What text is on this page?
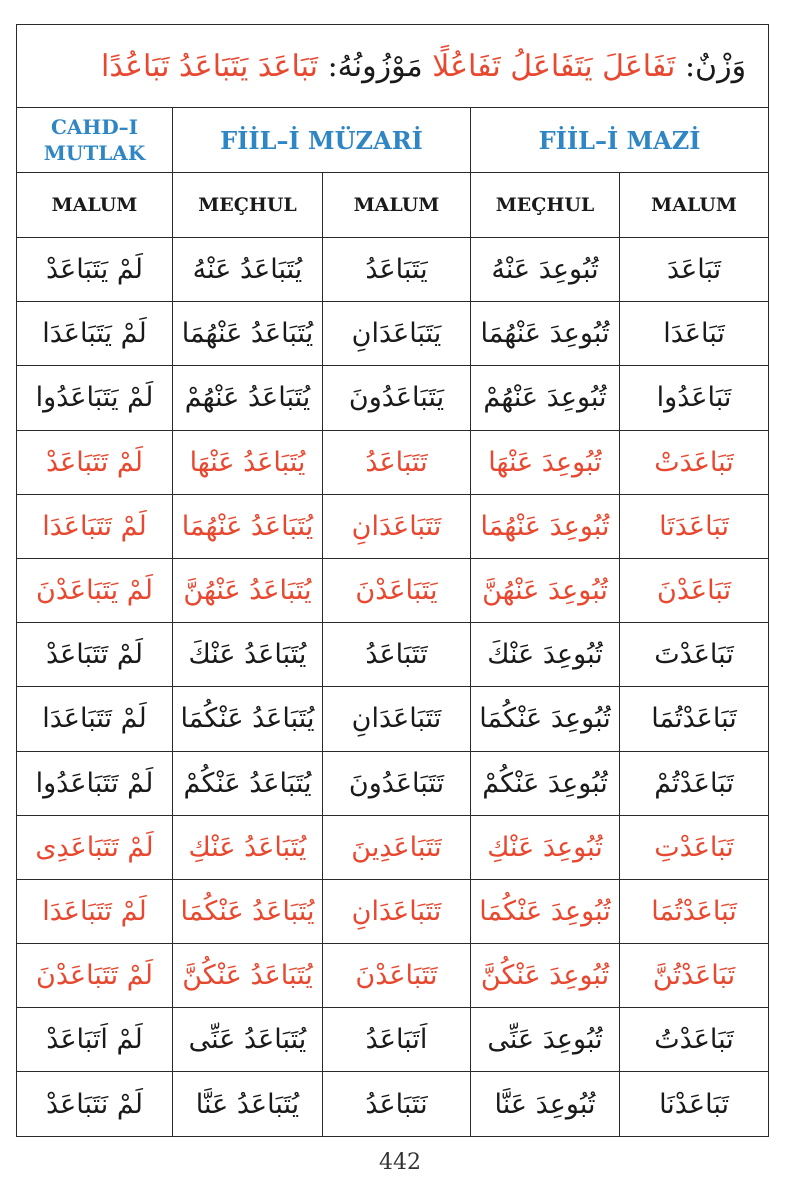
وَزْنٌ: تَفَاعَلَ يَتَفَاعَلُ تَفَاعُلًا مَوْزُونُهُ: تَبَاعَدَ يَتَبَاعَدُ تَبَاعُدًا				

CAHD–I
MUTLAK	FİİL–İ MÜZARİ		FİİL–İ MAZİ	
MALUM	MEÇHUL	MALUM	MEÇHUL	MALUM
لَمْ يَتَبَاعَدْ	يُتَبَاعَدُ عَنْهُ	يَتَبَاعَدُ	تُبُوعِدَ عَنْهُ	تَبَاعَدَ
لَمْ يَتَبَاعَدَا	يُتَبَاعَدُ عَنْهُمَا	يَتَبَاعَدَانِ	تُبُوعِدَ عَنْهُمَا	تَبَاعَدَا
لَمْ يَتَبَاعَدُوا	يُتَبَاعَدُ عَنْهُمْ	يَتَبَاعَدُونَ	تُبُوعِدَ عَنْهُمْ	تَبَاعَدُوا
لَمْ تَتَبَاعَدْ	يُتَبَاعَدُ عَنْهَا	تَتَبَاعَدُ	تُبُوعِدَ عَنْهَا	تَبَاعَدَتْ
لَمْ تَتَبَاعَدَا	يُتَبَاعَدُ عَنْهُمَا	تَتَبَاعَدَانِ	تُبُوعِدَ عَنْهُمَا	تَبَاعَدَتَا
لَمْ يَتَبَاعَدْنَ	يُتَبَاعَدُ عَنْهُنَّ	يَتَبَاعَدْنَ	تُبُوعِدَ عَنْهُنَّ	تَبَاعَدْنَ
لَمْ تَتَبَاعَدْ	يُتَبَاعَدُ عَنْكَ	تَتَبَاعَدُ	تُبُوعِدَ عَنْكَ	تَبَاعَدْتَ
لَمْ تَتَبَاعَدَا	يُتَبَاعَدُ عَنْكُمَا	تَتَبَاعَدَانِ	تُبُوعِدَ عَنْكُمَا	تَبَاعَدْتُمَا
لَمْ تَتَبَاعَدُوا	يُتَبَاعَدُ عَنْكُمْ	تَتَبَاعَدُونَ	تُبُوعِدَ عَنْكُمْ	تَبَاعَدْتُمْ
لَمْ تَتَبَاعَدِى	يُتَبَاعَدُ عَنْكِ	تَتَبَاعَدِينَ	تُبُوعِدَ عَنْكِ	تَبَاعَدْتِ
لَمْ تَتَبَاعَدَا	يُتَبَاعَدُ عَنْكُمَا	تَتَبَاعَدَانِ	تُبُوعِدَ عَنْكُمَا	تَبَاعَدْتُمَا
لَمْ تَتَبَاعَدْنَ	يُتَبَاعَدُ عَنْكُنَّ	تَتَبَاعَدْنَ	تُبُوعِدَ عَنْكُنَّ	تَبَاعَدْتُنَّ
لَمْ اَتَبَاعَدْ	يُتَبَاعَدُ عَنِّى	اَتَبَاعَدُ	تُبُوعِدَ عَنِّى	تَبَاعَدْتُ
لَمْ نَتَبَاعَدْ	يُتَبَاعَدُ عَنَّا	نَتَبَاعَدُ	تُبُوعِدَ عَنَّا	تَبَاعَدْنَا
442
